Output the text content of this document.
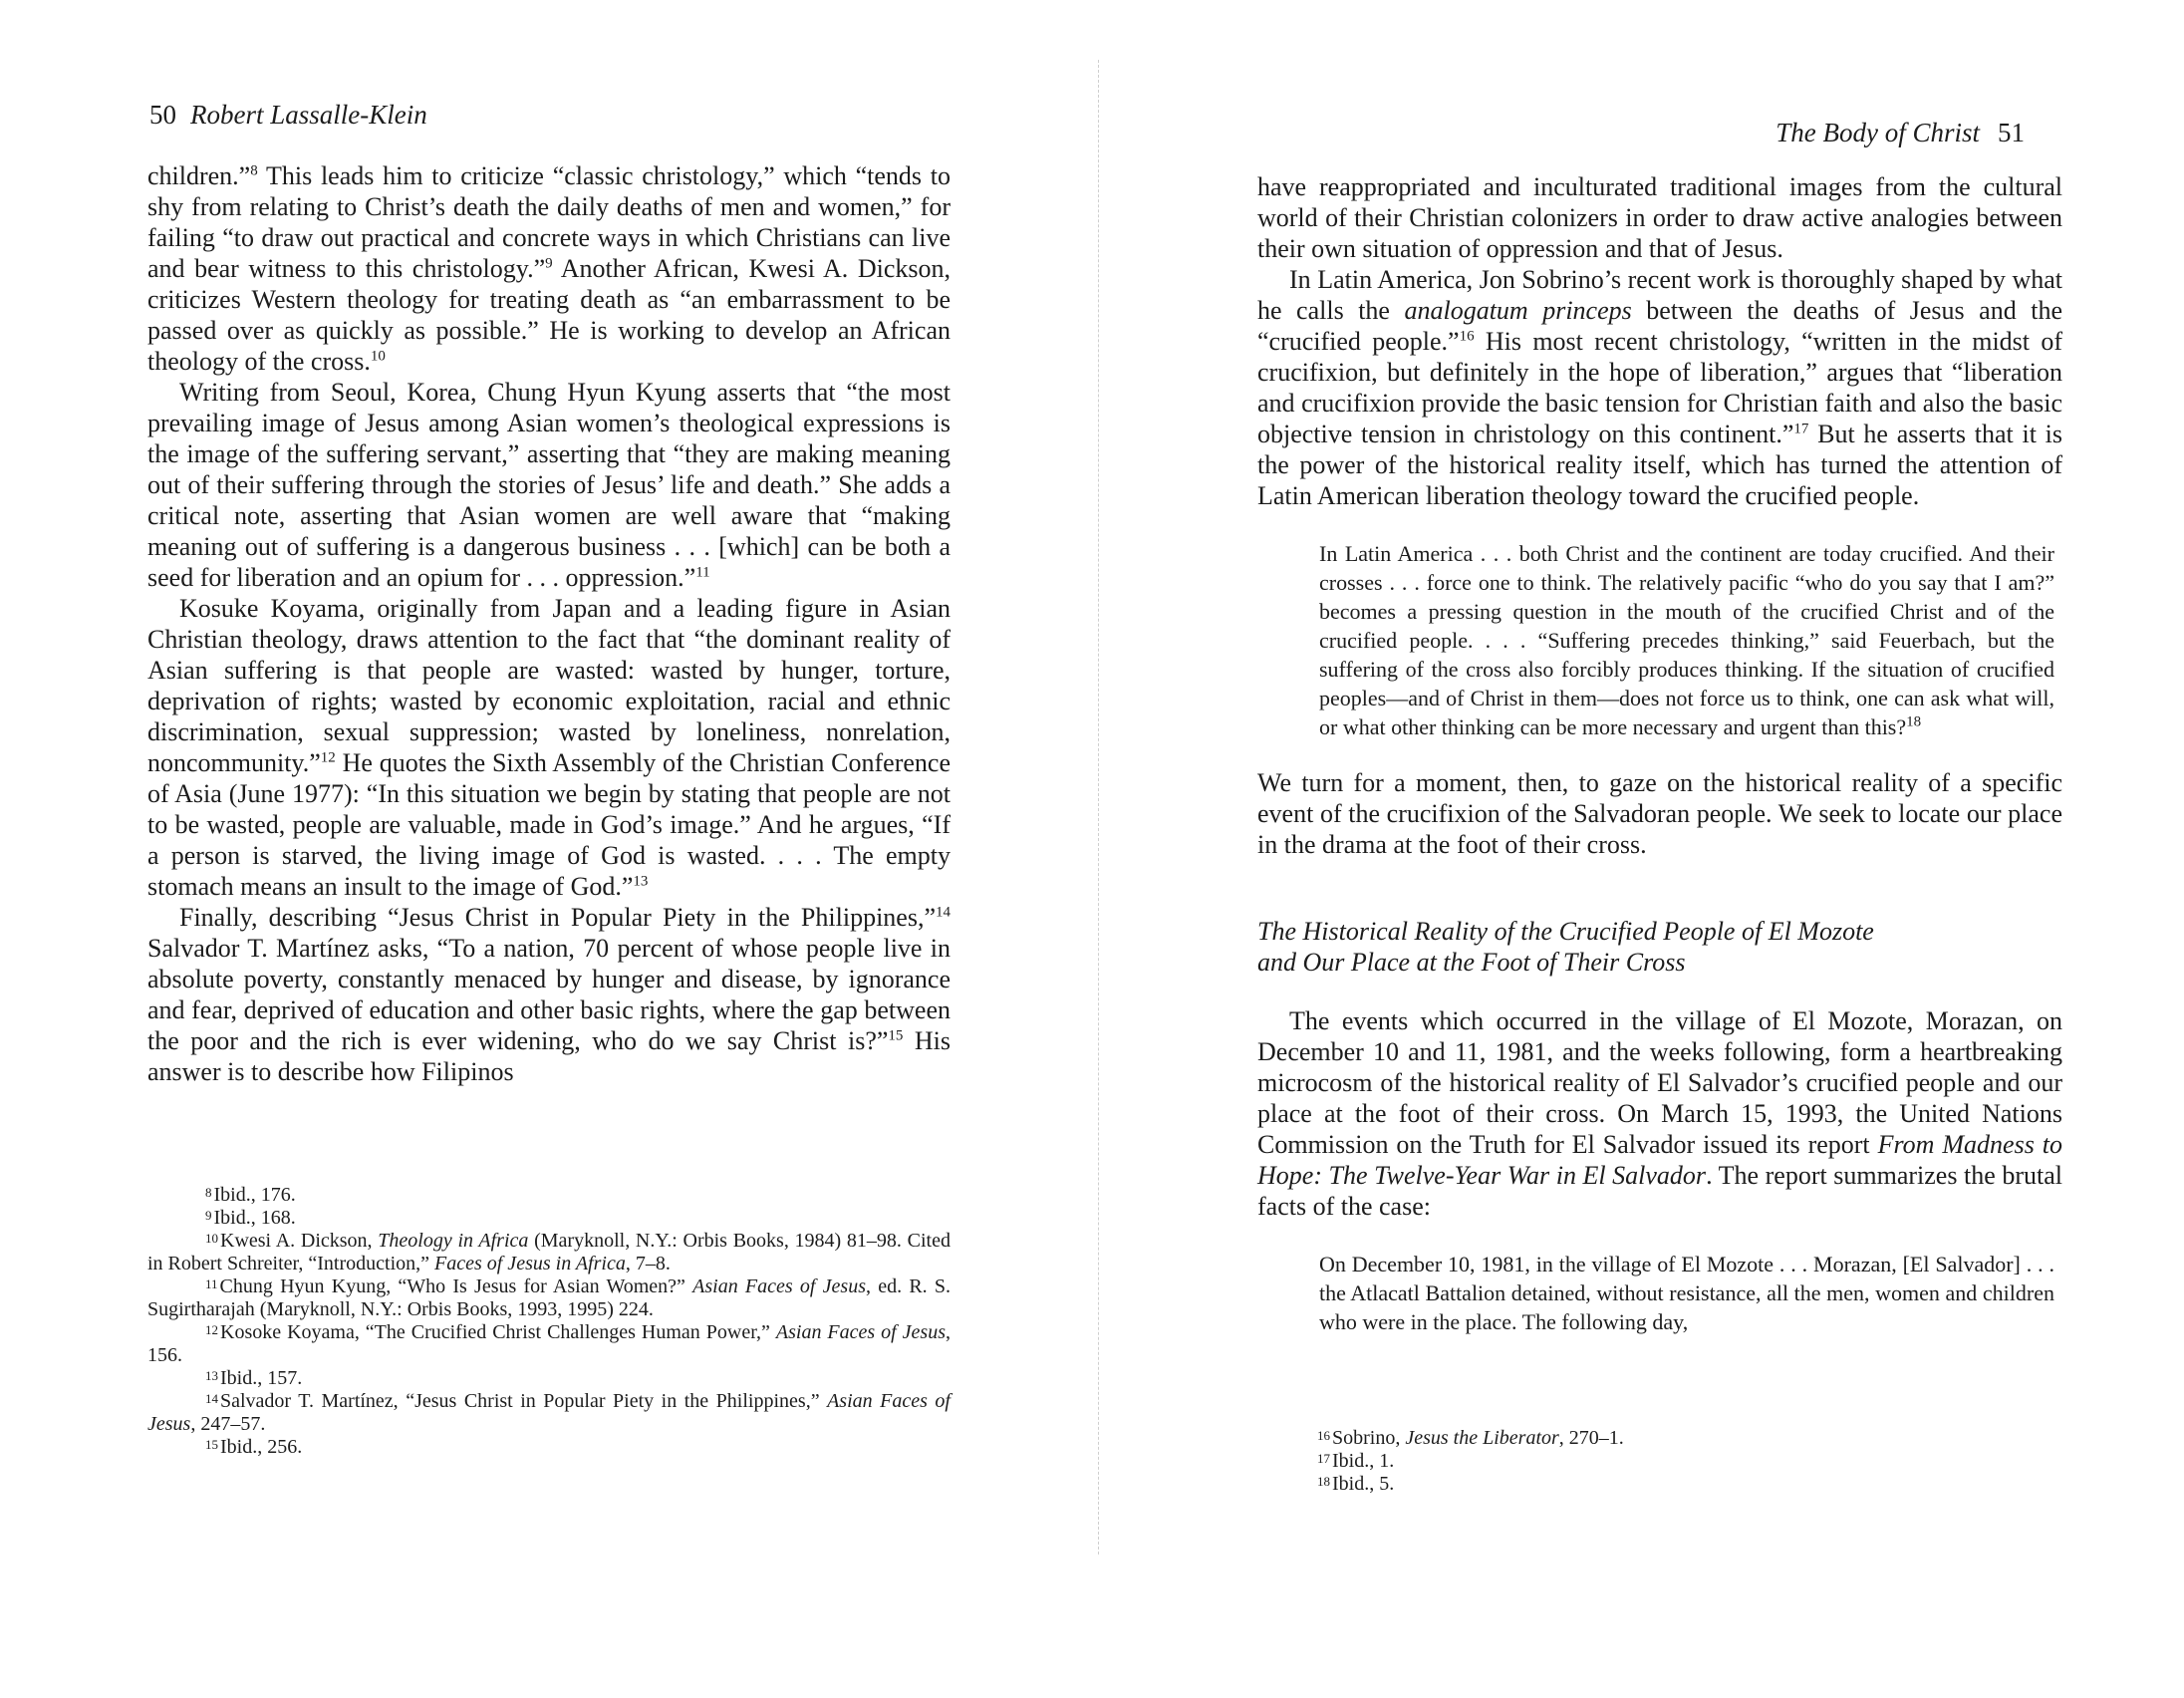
50 Robert Lassalle-Klein

children.”$^8$ This leads him to criticize “classic christology,” which “tends to shy from relating to Christ’s death the daily deaths of men and women,” for failing “to draw out practical and concrete ways in which Christians can live and bear witness to this christology.”$^9$ Another African, Kwesi A. Dickson, criticizes Western theology for treating death as “an embarrassment to be passed over as quickly as possible.” He is working to develop an African theology of the cross.$^{10}$

Writing from Seoul, Korea, Chung Hyun Kyung asserts that “the most prevailing image of Jesus among Asian women’s theological expressions is the image of the suffering servant,” asserting that “they are making meaning out of their suffering through the stories of Jesus’ life and death.” She adds a critical note, asserting that Asian women are well aware that “making meaning out of suffering is a dangerous business . . . [which] can be both a seed for liberation and an opium for . . . oppression.”$^{11}$

Kosuke Koyama, originally from Japan and a leading figure in Asian Christian theology, draws attention to the fact that “the dominant reality of Asian suffering is that people are wasted: wasted by hunger, torture, deprivation of rights; wasted by economic exploitation, racial and ethnic discrimination, sexual suppression; wasted by loneliness, nonrelation, noncommunity.”$^{12}$ He quotes the Sixth Assembly of the Christian Conference of Asia (June 1977): “In this situation we begin by stating that people are not to be wasted, people are valuable, made in God’s image.” And he argues, “If a person is starved, the living image of God is wasted. . . . The empty stomach means an insult to the image of God.”$^{13}$

Finally, describing “Jesus Christ in Popular Piety in the Philippines,”$^{14}$ Salvador T. Martínez asks, “To a nation, 70 percent of whose people live in absolute poverty, constantly menaced by hunger and disease, by ignorance and fear, deprived of education and other basic rights, where the gap between the poor and the rich is ever widening, who do we say Christ is?”$^{15}$ His answer is to describe how Filipinos

$^8$ Ibid., 176.
$^9$ Ibid., 168.
$^{10}$ Kwesi A. Dickson, Theology in Africa (Maryknoll, N.Y.: Orbis Books, 1984) 81–98. Cited in Robert Schreiter, “Introduction,” Faces of Jesus in Africa, 7–8.
$^{11}$ Chung Hyun Kyung, “Who Is Jesus for Asian Women?” Asian Faces of Jesus, ed. R. S. Sugirtharajah (Maryknoll, N.Y.: Orbis Books, 1993, 1995) 224.
$^{12}$ Kosoke Koyama, “The Crucified Christ Challenges Human Power,” Asian Faces of Jesus, 156.
$^{13}$ Ibid., 157.
$^{14}$ Salvador T. Martínez, “Jesus Christ in Popular Piety in the Philippines,” Asian Faces of Jesus, 247–57.
$^{15}$ Ibid., 256.
The Body of Christ 51

have reappropriated and inculturated traditional images from the cultural world of their Christian colonizers in order to draw active analogies between their own situation of oppression and that of Jesus.

In Latin America, Jon Sobrino’s recent work is thoroughly shaped by what he calls the analogatum princeps between the deaths of Jesus and the “crucified people.”$^{16}$ His most recent christology, “written in the midst of crucifixion, but definitely in the hope of liberation,” argues that “liberation and crucifixion provide the basic tension for Christian faith and also the basic objective tension in christology on this continent.”$^{17}$ But he asserts that it is the power of the historical reality itself, which has turned the attention of Latin American liberation theology toward the crucified people.

In Latin America . . . both Christ and the continent are today crucified. And their crosses . . . force one to think. The relatively pacific “who do you say that I am?” becomes a pressing question in the mouth of the crucified Christ and of the crucified people. . . . “Suffering precedes thinking,” said Feuerbach, but the suffering of the cross also forcibly produces thinking. If the situation of crucified peoples—and of Christ in them—does not force us to think, one can ask what will, or what other thinking can be more necessary and urgent than this?$^{18}$

We turn for a moment, then, to gaze on the historical reality of a specific event of the crucifixion of the Salvadoran people. We seek to locate our place in the drama at the foot of their cross.

The Historical Reality of the Crucified People of El Mozote
and Our Place at the Foot of Their Cross

The events which occurred in the village of El Mozote, Morazan, on December 10 and 11, 1981, and the weeks following, form a heartbreaking microcosm of the historical reality of El Salvador’s crucified people and our place at the foot of their cross. On March 15, 1993, the United Nations Commission on the Truth for El Salvador issued its report From Madness to Hope: The Twelve-Year War in El Salvador. The report summarizes the brutal facts of the case:

On December 10, 1981, in the village of El Mozote . . . Morazan, [El Salvador] . . . the Atlacatl Battalion detained, without resistance, all the men, women and children who were in the place. The following day,
$^{16}$ Sobrino, Jesus the Liberator, 270–1.
$^{17}$ Ibid., 1.
$^{18}$ Ibid., 5.
